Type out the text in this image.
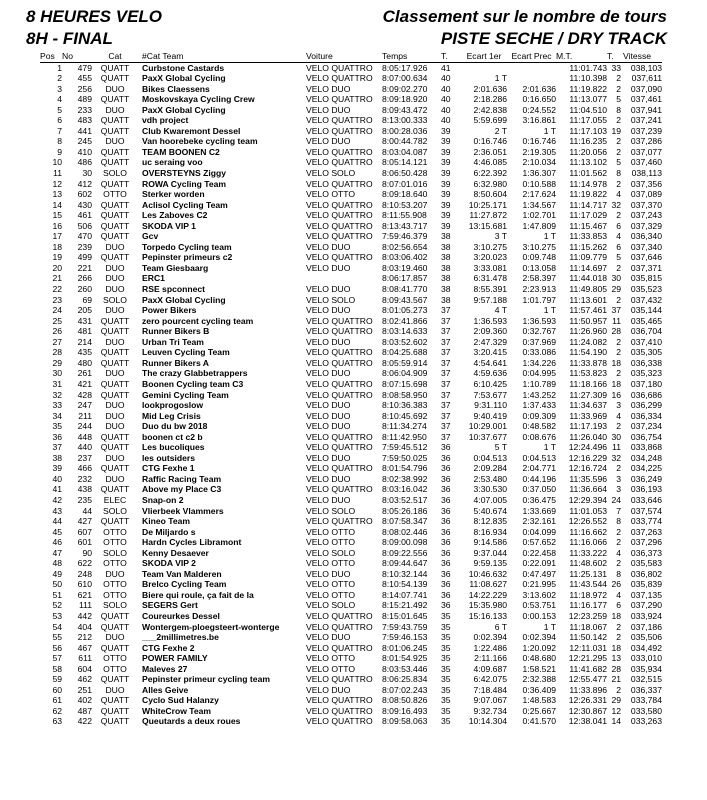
8 HEURES VELO
8H - FINAL
Classement sur le nombre de tours
PISTE SECHE / DRY TRACK
Pos	No	Cat	#Cat Team	Voiture	Temps	T.	Ecart 1er	Ecart Prec	M.T.	T.	Vitesse
1	479	QUATT	Curbstone Castards	VELO QUATTRO	8:05:17.926	41			11:01.743	33	038,103
2	455	QUATT	PaxX Global Cycling	VELO QUATTRO	8:07:00.634	40	1 T		11:10.398	2	037,611
3	256	DUO	Bikes Claessens	VELO DUO	8:09:02.270	40	2:01.636	2:01.636	11:19.822	2	037,090
4	489	QUATT	Moskovskaya Cycling Crew	VELO QUATTRO	8:09:18.920	40	2:18.286	0:16.650	11:13.077	5	037,461
5	233	DUO	PaxX Global Cycling	VELO DUO	8:09:43.472	40	2:42.838	0:24.552	11:04.510	8	037,941
6	483	QUATT	vdh project	VELO QUATTRO	8:13:00.333	40	5:59.699	3:16.861	11:17.055	2	037,241
7	441	QUATT	Club Kwaremont Dessel	VELO QUATTRO	8:00:28.036	39	2 T	1 T	11:17.103	19	037,239
8	245	DUO	Van hoorebeke cycling team	VELO DUO	8:00:44.782	39	0:16.746	0:16.746	11:16.235	2	037,286
9	410	QUATT	TEAM BOONEN C2	VELO QUATTRO	8:03:04.087	39	2:36.051	2:19.305	11:20.056	2	037,077
10	486	QUATT	uc seraing voo	VELO QUATTRO	8:05:14.121	39	4:46.085	2:10.034	11:13.102	5	037,460
11	30	SOLO	OVERSTEYNS Ziggy	VELO SOLO	8:06:50.428	39	6:22.392	1:36.307	11:01.562	8	038,113
12	412	QUATT	ROWA Cycling Team	VELO QUATTRO	8:07:01.016	39	6:32.980	0:10.588	11:14.978	2	037,356
13	602	OTTO	Sterker worden	VELO OTTO	8:09:18.640	39	8:50.604	2:17.624	11:19.822	4	037,089
14	430	QUATT	Aclisol Cycling Team	VELO QUATTRO	8:10:53.207	39	10:25.171	1:34.567	11:14.717	32	037,370
15	461	QUATT	Les Zaboves C2	VELO QUATTRO	8:11:55.908	39	11:27.872	1:02.701	11:17.029	2	037,243
16	506	QUATT	SKODA VIP 1	VELO QUATTRO	8:13:43.717	39	13:15.681	1:47.809	11:15.467	6	037,329
17	470	QUATT	Gcv	VELO QUATTRO	7:59:46.379	38	3 T	1 T	11:33.853	4	036,340
18	239	DUO	Torpedo Cycling team	VELO DUO	8:02:56.654	38	3:10.275	3:10.275	11:15.262	6	037,340
19	499	QUATT	Pepinster primeurs c2	VELO QUATTRO	8:03:06.402	38	3:20.023	0:09.748	11:09.779	5	037,646
20	221	DUO	Team Giesbaarg	VELO DUO	8:03:19.460	38	3:33.081	0:13.058	11:14.697	2	037,371
21	266	DUO	ERC1		8:06:17.857	38	6:31.478	2:58.397	11:44.018	30	035,815
22	260	DUO	RSE spconnect	VELO DUO	8:08:41.770	38	8:55.391	2:23.913	11:49.805	29	035,523
23	69	SOLO	PaxX Global Cycling	VELO SOLO	8:09:43.567	38	9:57.188	1:01.797	11:13.601	2	037,432
24	205	DUO	Power Bikers	VELO DUO	8:01:05.273	37	4 T	1 T	11:57.461	37	035,144
25	431	QUATT	zero pourcent cycling team	VELO QUATTRO	8:02:41.866	37	1:36.593	1:36.593	11:50.957	11	035,465
26	481	QUATT	Runner Bikers B	VELO QUATTRO	8:03:14.633	37	2:09.360	0:32.767	11:26.960	28	036,704
27	214	DUO	Urban Tri Team	VELO DUO	8:03:52.602	37	2:47.329	0:37.969	11:24.082	2	037,410
28	435	QUATT	Leuven Cycling Team	VELO QUATTRO	8:04:25.688	37	3:20.415	0:33.086	11:54.190	2	035,305
29	480	QUATT	Runner Bikers A	VELO QUATTRO	8:05:59.914	37	4:54.641	1:34.226	11:33.878	18	036,338
30	261	DUO	The crazy Glabbetrappers	VELO DUO	8:06:04.909	37	4:59.636	0:04.995	11:53.823	2	035,323
31	421	QUATT	Boonen Cycling team C3	VELO QUATTRO	8:07:15.698	37	6:10.425	1:10.789	11:18.166	18	037,180
32	428	QUATT	Gemini Cycling Team	VELO QUATTRO	8:08:58.950	37	7:53.677	1:43.252	11:27.309	16	036,686
33	247	DUO	lookprogoslow	VELO DUO	8:10:36.383	37	9:31.110	1:37.433	11:34.637	3	036,299
34	211	DUO	Mid Leg Crisis	VELO DUO	8:10:45.692	37	9:40.419	0:09.309	11:33.969	4	036,334
35	244	DUO	Duo du bw 2018	VELO DUO	8:11:34.274	37	10:29.001	0:48.582	11:17.193	2	037,234
36	448	QUATT	boonen ct c2 b	VELO QUATTRO	8:11:42.950	37	10:37.677	0:08.676	11:26.040	30	036,754
37	440	QUATT	Les bucoliques	VELO QUATTRO	7:59:45.512	36	5 T	1 T	12:24.496	11	033,868
38	237	DUO	les outsiders	VELO DUO	7:59:50.025	36	0:04.513	0:04.513	12:16.229	32	034,248
39	466	QUATT	CTG Fexhe 1	VELO QUATTRO	8:01:54.796	36	2:09.284	2:04.771	12:16.724	2	034,225
40	232	DUO	Raffic Racing Team	VELO DUO	8:02:38.992	36	2:53.480	0:44.196	11:35.596	3	036,249
41	438	QUATT	Above my Place C3	VELO QUATTRO	8:03:16.042	36	3:30.530	0:37.050	11:36.664	3	036,193
42	235	ELEC	Snap-on 2	VELO DUO	8:03:52.517	36	4:07.005	0:36.475	12:29.394	24	033,646
43	44	SOLO	Vlierbeek Vlammers	VELO SOLO	8:05:26.186	36	5:40.674	1:33.669	11:01.053	7	037,574
44	427	QUATT	Kineo Team	VELO QUATTRO	8:07:58.347	36	8:12.835	2:32.161	12:26.552	8	033,774
45	607	OTTO	De Miljardo s	VELO OTTO	8:08:02.446	36	8:16.934	0:04.099	11:16.662	2	037,263
46	601	OTTO	Hardn Cycles Libramont	VELO OTTO	8:09:00.098	36	9:14.586	0:57.652	11:16.066	2	037,296
47	90	SOLO	Kenny Desaever	VELO SOLO	8:09:22.556	36	9:37.044	0:22.458	11:33.222	4	036,373
48	622	OTTO	SKODA VIP 2	VELO OTTO	8:09:44.647	36	9:59.135	0:22.091	11:48.602	2	035,583
49	248	DUO	Team Van Malderen	VELO DUO	8:10:32.144	36	10:46.632	0:47.497	11:25.131	8	036,802
50	610	OTTO	Brelco Cycling Team	VELO OTTO	8:10:54.139	36	11:08.627	0:21.995	11:43.544	26	035,839
51	621	OTTO	Biere qui roule, ça fait de la	VELO OTTO	8:14:07.741	36	14:22.229	3:13.602	11:18.972	4	037,135
52	111	SOLO	SEGERS Gert	VELO SOLO	8:15:21.492	36	15:35.980	0:53.751	11:16.177	6	037,290
53	442	QUATT	Coureurkes Dessel	VELO QUATTRO	8:15:01.645	35	15:16.133	0:00.153	12:23.259	18	033,924
54	404	QUATT	Wontergem-ploegsteert-wonterge	VELO QUATTRO	7:59:43.759	35	6 T	1 T	11:18.067	2	037,186
55	212	DUO	___2millimetres.be	VELO DUO	7:59:46.153	35	0:02.394	0:02.394	11:50.142	2	035,506
56	467	QUATT	CTG Fexhe 2	VELO QUATTRO	8:01:06.245	35	1:22.486	1:20.092	12:11.031	18	034,492
57	611	OTTO	POWER FAMILY	VELO OTTO	8:01:54.925	35	2:11.166	0:48.680	12:21.295	13	033,010
58	604	OTTO	Maleves 27	VELO OTTO	8:03:53.446	35	4:09.687	1:58.521	11:41.682	28	035,934
59	462	QUATT	Pepinster primeur cycling team	VELO QUATTRO	8:06:25.834	35	6:42.075	2:32.388	12:55.477	21	032,515
60	251	DUO	Alles Geive	VELO DUO	8:07:02.243	35	7:18.484	0:36.409	11:33.896	2	036,337
61	402	QUATT	Cyclo Sud Halanzy	VELO QUATTRO	8:08:50.826	35	9:07.067	1:48.583	12:26.331	29	033,784
62	487	QUATT	WhiteCrow Team	VELO QUATTRO	8:09:16.493	35	9:32.734	0:25.667	12:30.867	12	033,580
63	422	QUATT	Queutards a deux roues	VELO QUATTRO	8:09:58.063	35	10:14.304	0:41.570	12:38.041	14	033,263
